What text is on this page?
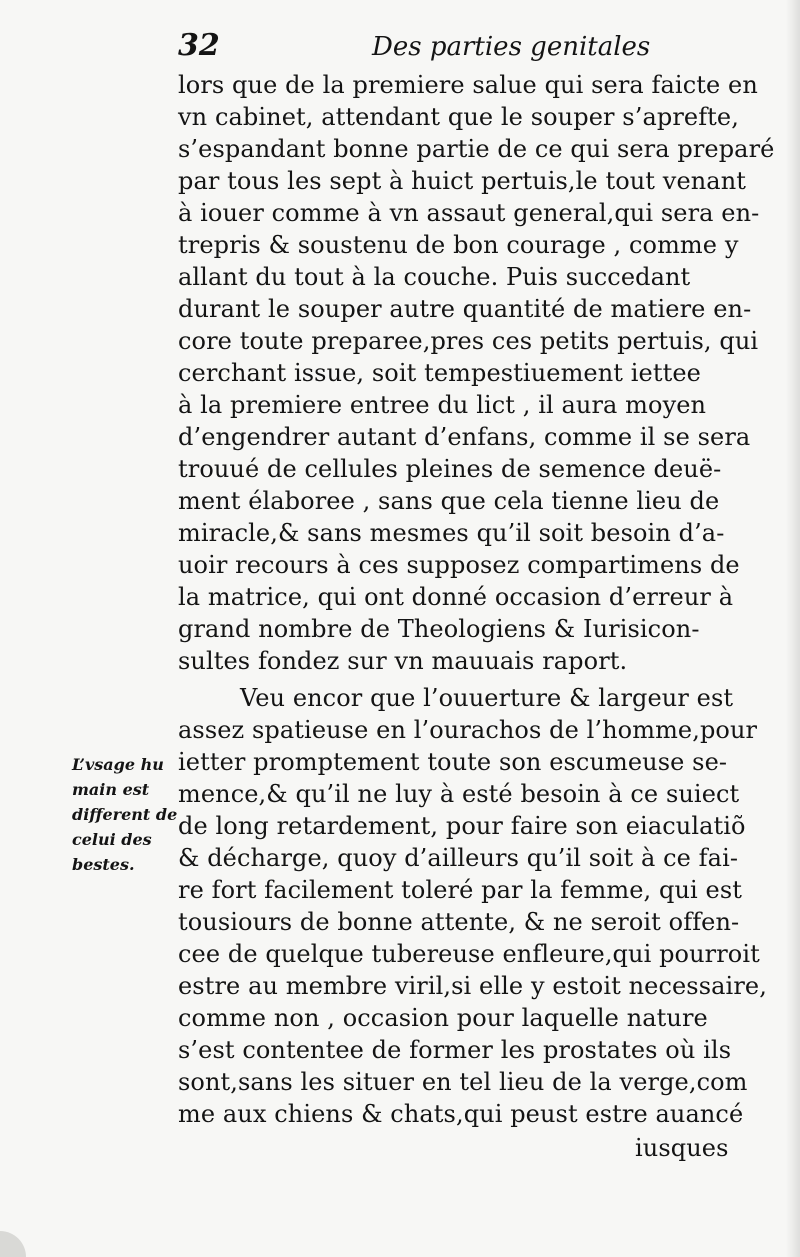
32	Des parties genitales
lors que de la premiere salue qui sera faicte en
vn cabinet, attendant que le souper s’aprefte,
s’espandant bonne partie de ce qui sera preparé
par tous les sept à huict pertuis,le tout venant
à iouer comme à vn assaut general,qui sera en-
trepris & soustenu de bon courage , comme y
allant du tout à la couche. Puis succedant
durant le souper autre quantité de matiere en-
core toute preparee,pres ces petits pertuis, qui
cerchant issue, soit tempestiuement iettee
à la premiere entree du lict , il aura moyen
d’engendrer autant d’enfans, comme il se sera
trouué de cellules pleines de semence deuë-
ment élaboree , sans que cela tienne lieu de
miracle,& sans mesmes qu’il soit besoin d’a-
uoir recours à ces supposez compartimens de
la matrice, qui ont donné occasion d’erreur à
grand nombre de Theologiens & Iurisicon-
sultes fondez sur vn mauuais raport.
Veu encor que l’ouuerture & largeur est
assez spatieuse en l’ourachos de l’homme,pour
ietter promptement toute son escumeuse se-
mence,& qu’il ne luy à esté besoin à ce suiect
de long retardement, pour faire son eiaculatiõ
& décharge, quoy d’ailleurs qu’il soit à ce fai-
re fort facilement toleré par la femme, qui est
tousiours de bonne attente, & ne seroit offen-
cee de quelque tubereuse enfleure,qui pourroit
estre au membre viril,si elle y estoit necessaire,
comme non , occasion pour laquelle nature
s’est contentee de former les prostates où ils
sont,sans les situer en tel lieu de la verge,com
me aux chiens & chats,qui peust estre auancé
iusques
L’vsage hu
main est
different de
celui des
bestes.
